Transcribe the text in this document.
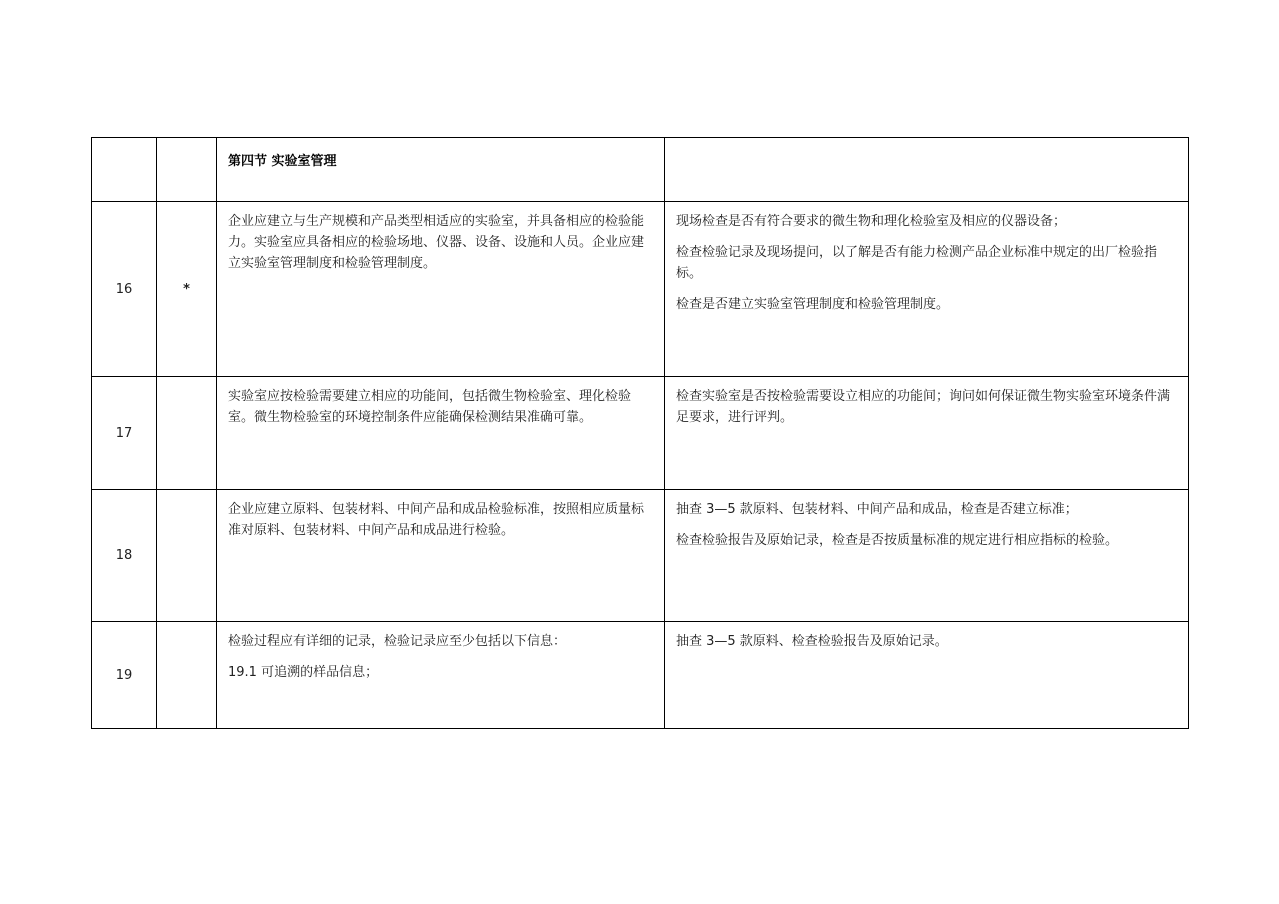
		第四节 实验室管理	
16	*	企业应建立与生产规模和产品类型相适应的实验室，并具备相应的检验能力。实验室应具备相应的检验场地、仪器、设备、设施和人员。企业应建立实验室管理制度和检验管理制度。	现场检查是否有符合要求的微生物和理化检验室及相应的仪器设备；

检查检验记录及现场提问，以了解是否有能力检测产品企业标准中规定的出厂检验指标。

检查是否建立实验室管理制度和检验管理制度。

17		实验室应按检验需要建立相应的功能间，包括微生物检验室、理化检验室。微生物检验室的环境控制条件应能确保检测结果准确可靠。	检查实验室是否按检验需要设立相应的功能间；询问如何保证微生物实验室环境条件满足要求，进行评判。

18		企业应建立原料、包装材料、中间产品和成品检验标准，按照相应质量标准对原料、包装材料、中间产品和成品进行检验。	抽查 3—5 款原料、包装材料、中间产品和成品，检查是否建立标准；

检查检验报告及原始记录，检查是否按质量标准的规定进行相应指标的检验。

19		检验过程应有详细的记录，检验记录应至少包括以下信息：

19.1 可追溯的样品信息；	抽查 3—5 款原料、检查检验报告及原始记录。
